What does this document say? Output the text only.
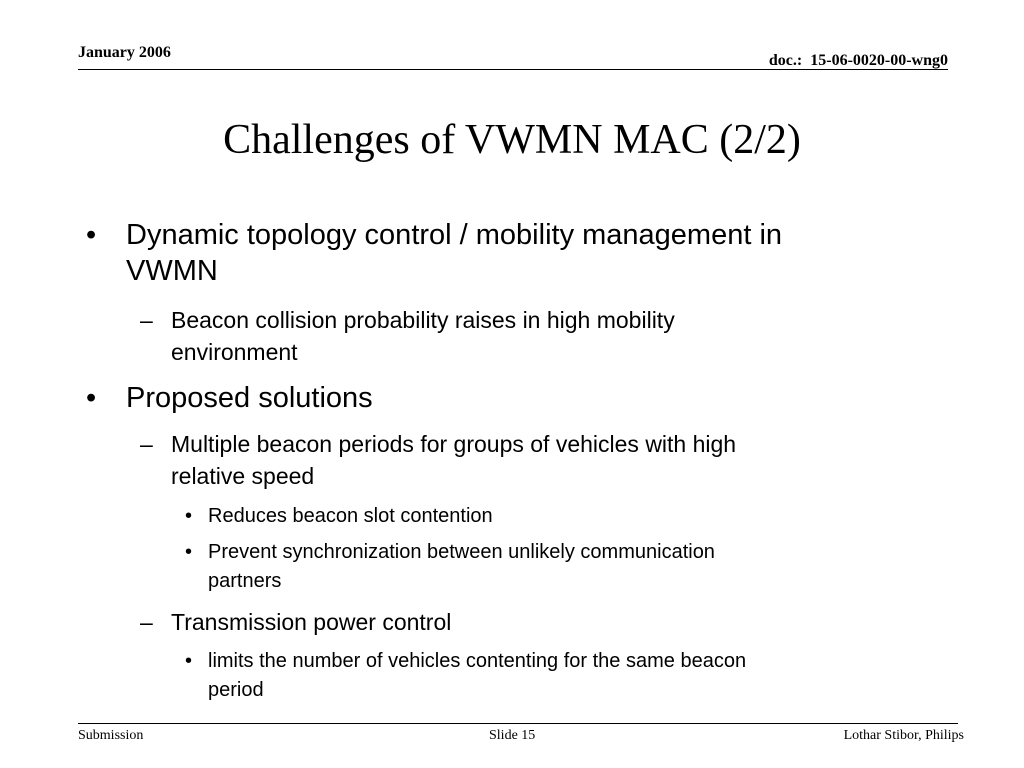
January 2006	doc.:  15-06-0020-00-wng0
Challenges of VWMN MAC (2/2)
• Dynamic topology control / mobility management in
VWMN
– Beacon collision probability raises in high mobility
environment
• Proposed solutions
– Multiple beacon periods for groups of vehicles with high
relative speed
• Reduces beacon slot contention
• Prevent synchronization between unlikely communication
partners
– Transmission power control
• limits the number of vehicles contenting for the same beacon
period
Submission	Slide 15	Lothar Stibor, Philips
